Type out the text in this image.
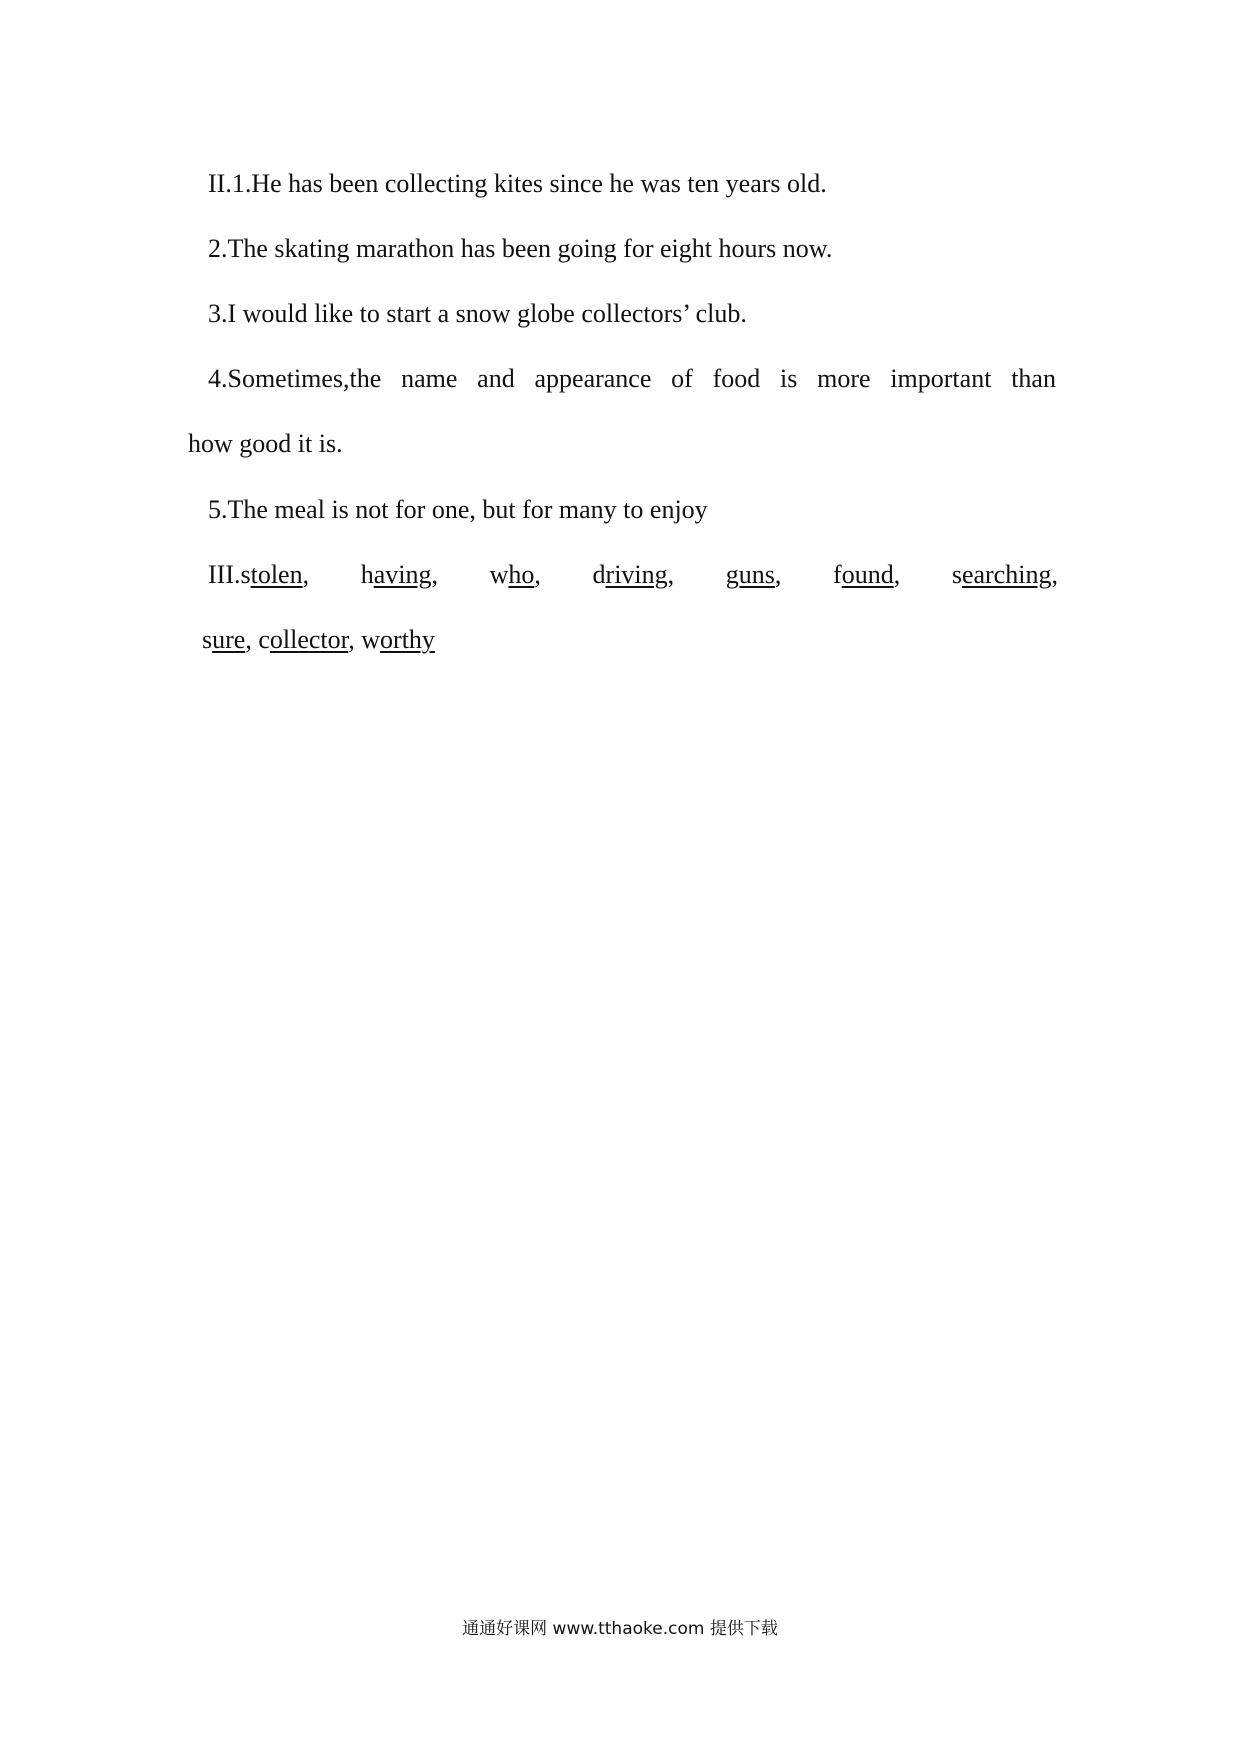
II.1.He has been collecting kites since he was ten years old.
2.The skating marathon has been going for eight hours now.
3.I would like to start a snow globe collectors’ club.
4.Sometimes,the name and appearance of food is more important than
how good it is.
5.The meal is not for one, but for many to enjoy
III.stolen, having, who, driving, guns, found, searching,
sure, collector, worthy
通通好课网 www.tthaoke.com 提供下载
